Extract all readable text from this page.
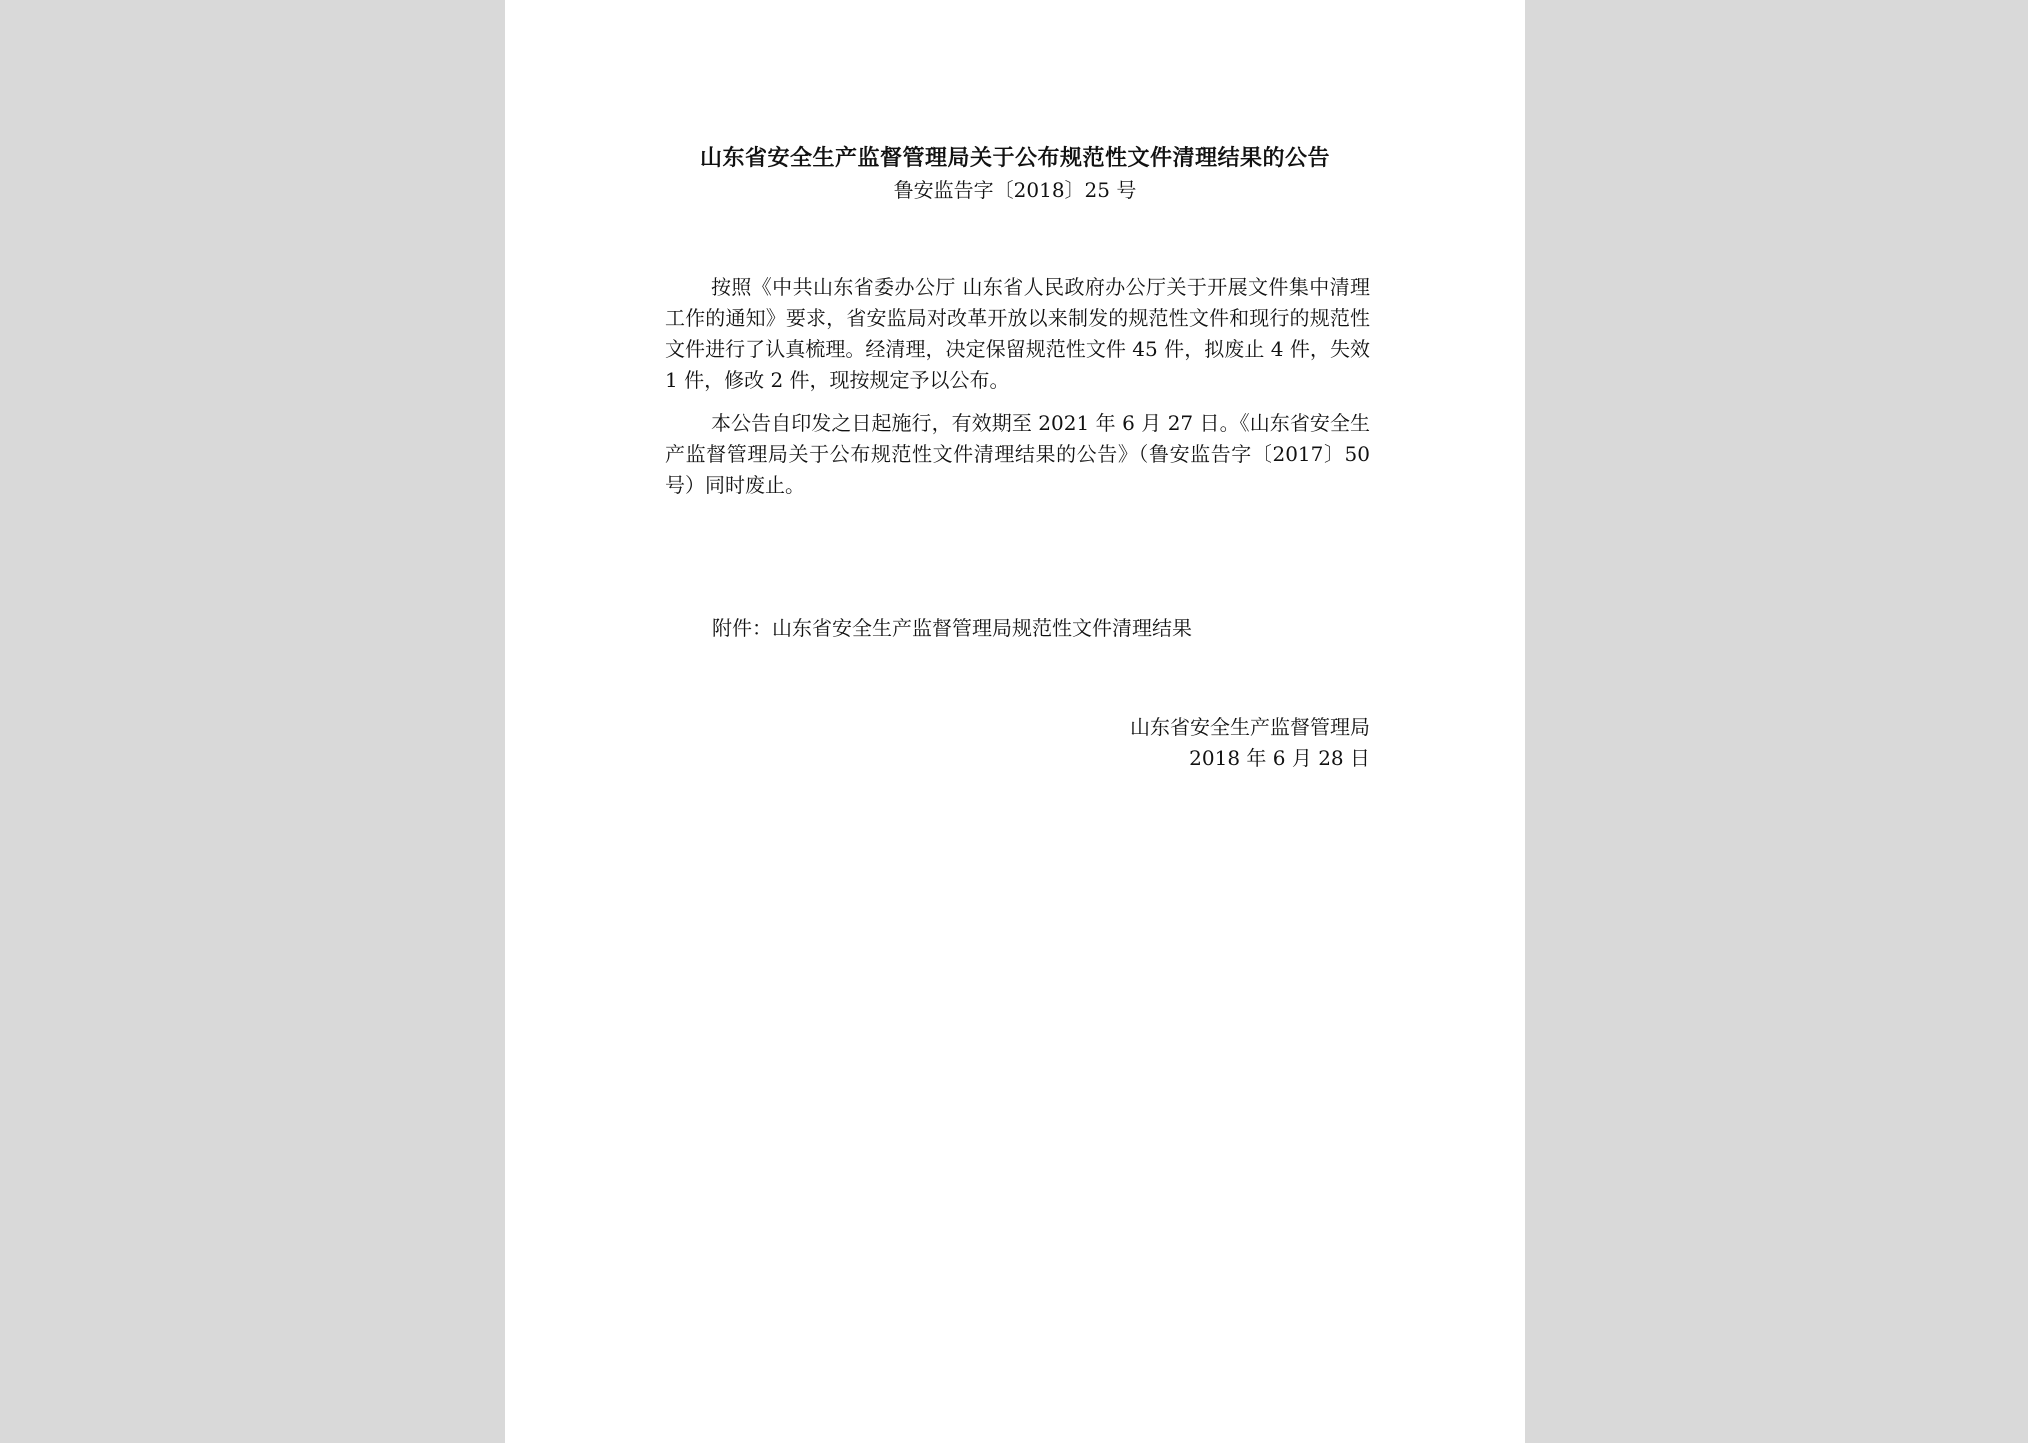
山东省安全生产监督管理局关于公布规范性文件清理结果的公告
鲁安监告字〔2018〕25 号

按照《中共山东省委办公厅 山东省人民政府办公厅关于开展文件集中清理工作的通知》要求，省安监局对改革开放以来制发的规范性文件和现行的规范性文件进行了认真梳理。经清理，决定保留规范性文件 45 件，拟废止 4 件，失效 1 件，修改 2 件，现按规定予以公布。

本公告自印发之日起施行，有效期至 2021 年 6 月 27 日。《山东省安全生产监督管理局关于公布规范性文件清理结果的公告》（鲁安监告字〔2017〕50 号）同时废止。

附件：山东省安全生产监督管理局规范性文件清理结果
山东省安全生产监督管理局
2018 年 6 月 28 日
